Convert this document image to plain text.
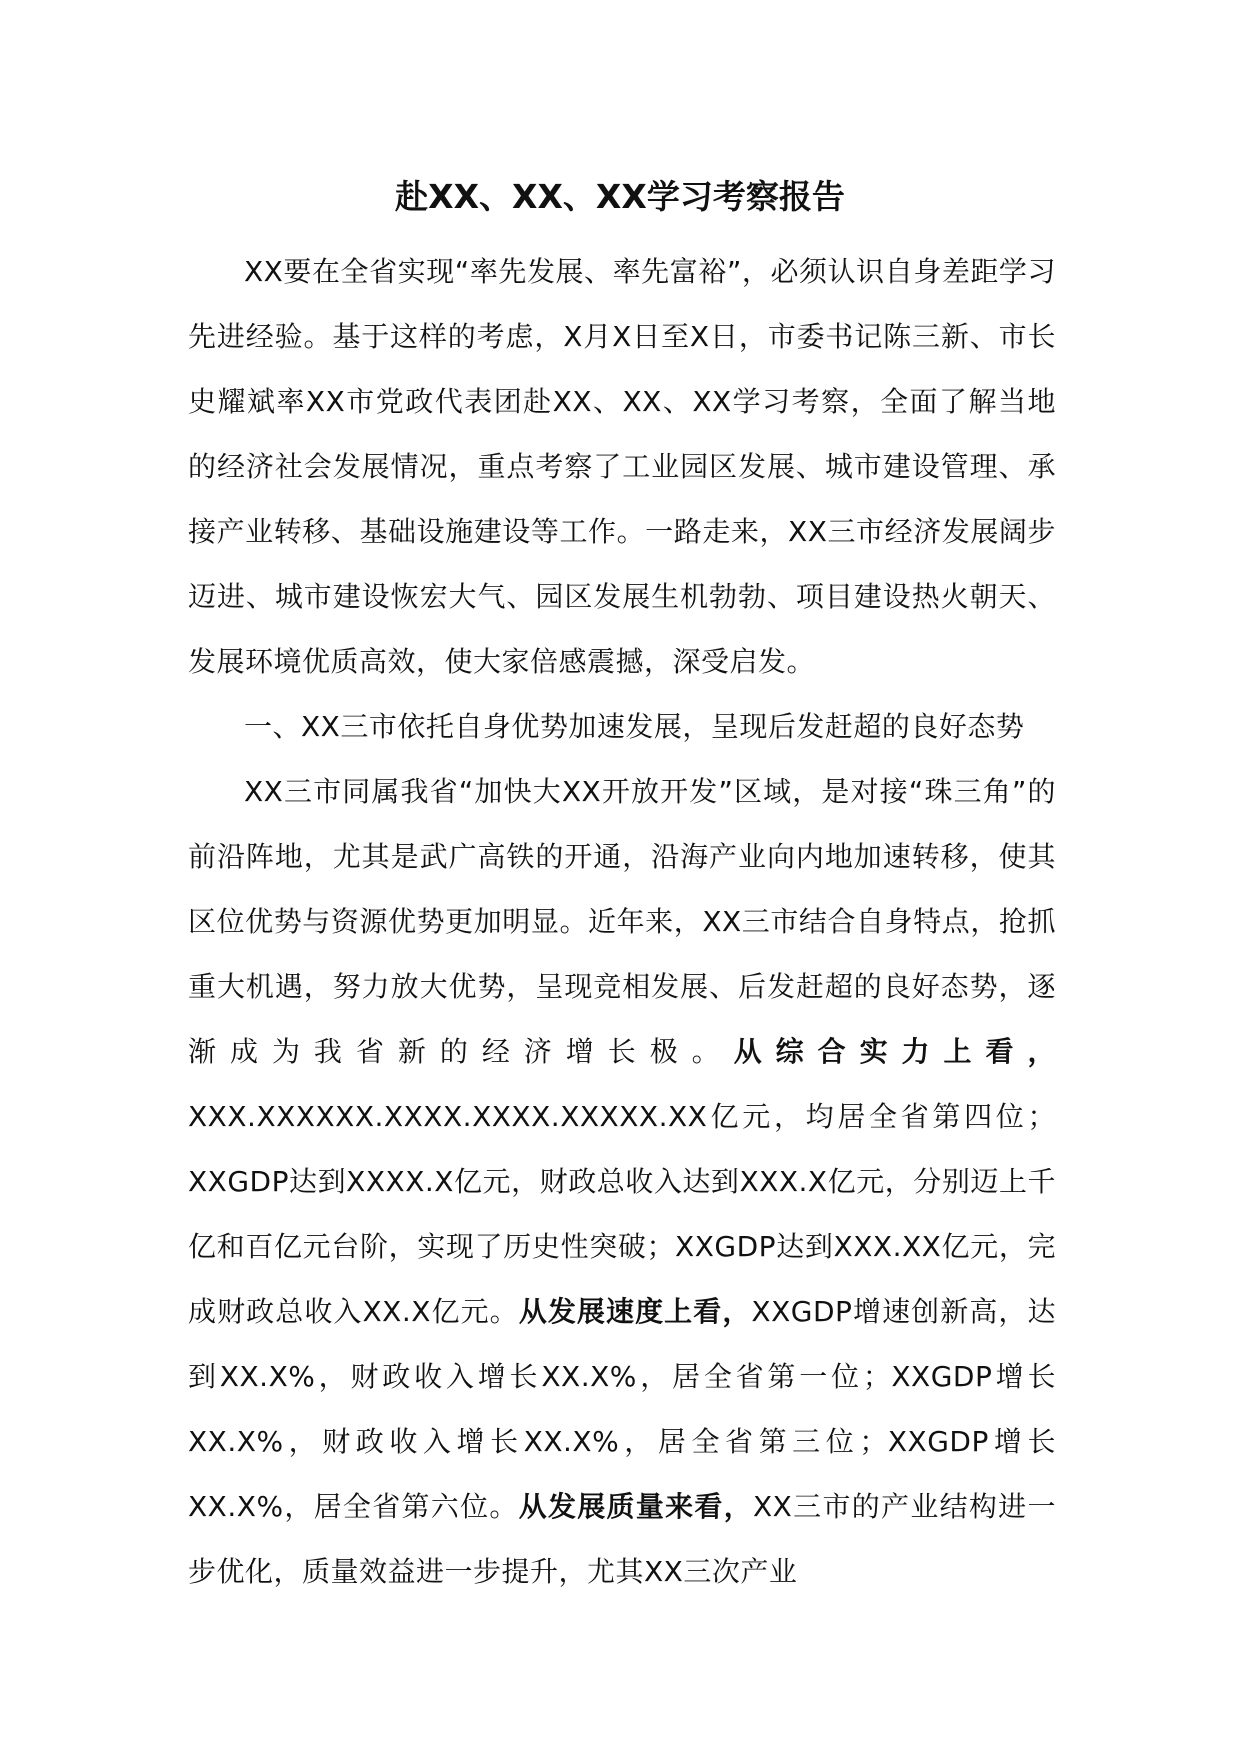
赴XX、XX、XX学习考察报告

XX要在全省实现“率先发展、率先富裕”，必须认识自身差距学习先进经验。基于这样的考虑，X月X日至X日，市委书记陈三新、市长史耀斌率XX市党政代表团赴XX、XX、XX学习考察，全面了解当地的经济社会发展情况，重点考察了工业园区发展、城市建设管理、承接产业转移、基础设施建设等工作。一路走来，XX三市经济发展阔步迈进、城市建设恢宏大气、园区发展生机勃勃、项目建设热火朝天、发展环境优质高效，使大家倍感震撼，深受启发。

一、XX三市依托自身优势加速发展，呈现后发赶超的良好态势

XX三市同属我省“加快大XX开放开发”区域，是对接“珠三角”的前沿阵地，尤其是武广高铁的开通，沿海产业向内地加速转移，使其区位优势与资源优势更加明显。近年来，XX三市结合自身特点，抢抓重大机遇，努力放大优势，呈现竞相发展、后发赶超的良好态势，逐渐成为我省新的经济增长极。从综合实力上看，XXX.XXXXXX.XXXX.XXXX.XXXXX.XX亿元，均居全省第四位；XXGDP达到XXXX.X亿元，财政总收入达到XXX.X亿元，分别迈上千亿和百亿元台阶，实现了历史性突破；XXGDP达到XXX.XX亿元，完成财政总收入XX.X亿元。从发展速度上看，XXGDP增速创新高，达到XX.X%，财政收入增长XX.X%，居全省第一位；XXGDP增长XX.X%，财政收入增长XX.X%，居全省第三位；XXGDP增长XX.X%，居全省第六位。从发展质量来看，XX三市的产业结构进一步优化，质量效益进一步提升，尤其XX三次产业
